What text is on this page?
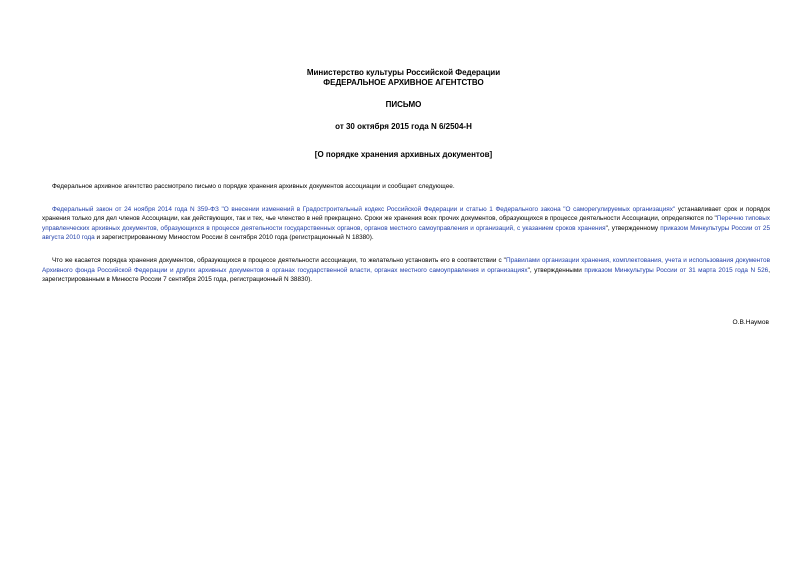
Министерство культуры Российской Федерации
ФЕДЕРАЛЬНОЕ АРХИВНОЕ АГЕНТСТВО
ПИСЬМО
от 30 октября 2015 года N 6/2504-Н
[О порядке хранения архивных документов]

Федеральное архивное агентство рассмотрело письмо о порядке хранения архивных документов ассоциации и сообщает следующее.

Федеральный закон от 24 ноября 2014 года N 359-ФЗ "О внесении изменений в Градостроительный кодекс Российской Федерации и статью 1 Федерального закона "О саморегулируемых организациях" устанавливает срок и порядок хранения только для дел членов Ассоциации, как действующих, так и тех, чье членство в ней прекращено. Сроки же хранения всех прочих документов, образующихся в процессе деятельности Ассоциации, определяются по "Перечню типовых управленческих архивных документов, образующихся в процессе деятельности государственных органов, органов местного самоуправления и организаций, с указанием сроков хранения", утвержденному приказом Минкультуры России от 25 августа 2010 года и зарегистрированному Минюстом России 8 сентября 2010 года (регистрационный N 18380).

Что же касается порядка хранения документов, образующихся в процессе деятельности ассоциации, то желательно установить его в соответствии с "Правилами организации хранения, комплектования, учета и использования документов Архивного фонда Российской Федерации и других архивных документов в органах государственной власти, органах местного самоуправления и организациях", утвержденными приказом Минкультуры России от 31 марта 2015 года N 526, зарегистрированным в Минюсте России 7 сентября 2015 года, регистрационный N 38830).

О.В.Наумов
